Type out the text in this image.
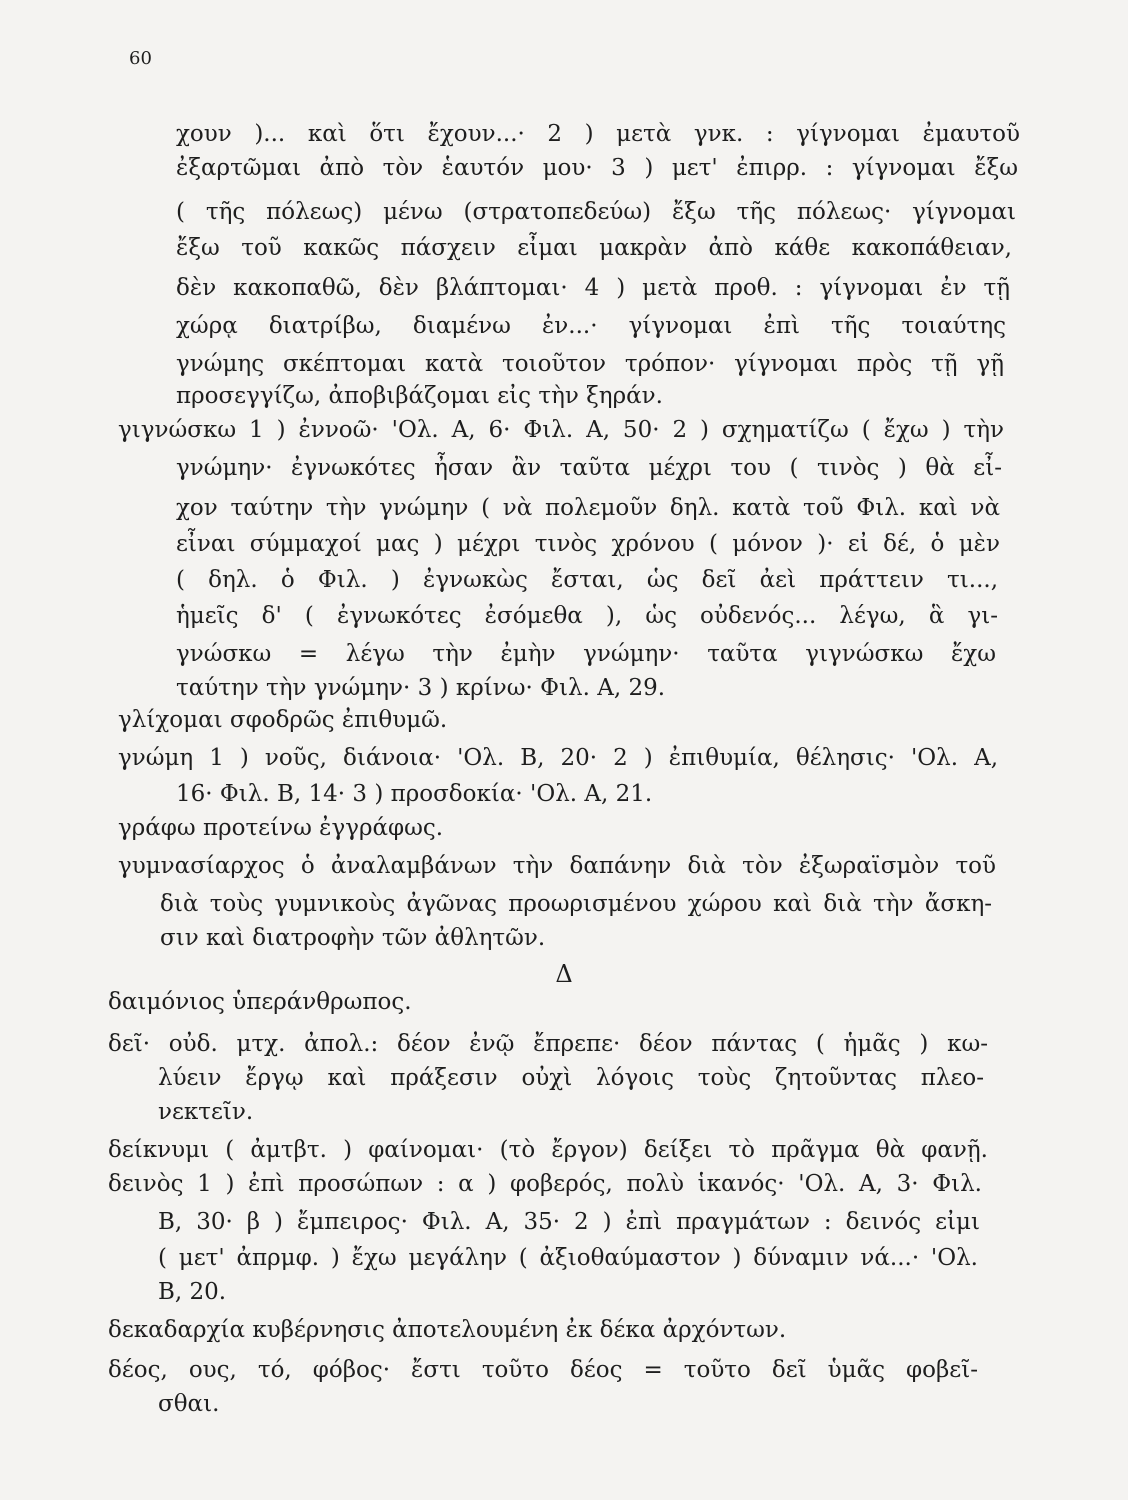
60
χουν )... καὶ ὅτι ἔχουν...· 2 ) μετὰ γνκ. : γίγνομαι ἐμαυτοῦ
ἐξαρτῶμαι ἀπὸ τὸν ἑαυτόν μου· 3 ) μετ' ἐπιρρ. : γίγνομαι ἔξω
( τῆς πόλεως) μένω (στρατοπεδεύω) ἔξω τῆς πόλεως· γίγνομαι
ἔξω τοῦ κακῶς πάσχειν εἶμαι μακρὰν ἀπὸ κάθε κακοπάθειαν,
δὲν κακοπαθῶ, δὲν βλάπτομαι· 4 ) μετὰ προθ. : γίγνομαι ἐν τῇ
χώρᾳ διατρίβω, διαμένω ἐν...· γίγνομαι ἐπὶ τῆς τοιαύτης
γνώμης σκέπτομαι κατὰ τοιοῦτον τρόπον· γίγνομαι πρὸς τῇ γῇ
προσεγγίζω, ἀποβιβάζομαι εἰς τὴν ξηράν.
γιγνώσκω 1 ) ἐννοῶ· 'Ολ. Α, 6· Φιλ. Α, 50· 2 ) σχηματίζω ( ἔχω ) τὴν
γνώμην· ἐγνωκότες ἦσαν ἂν ταῦτα μέχρι του ( τινὸς ) θὰ εἶ-
χον ταύτην τὴν γνώμην ( νὰ πολεμοῦν δηλ. κατὰ τοῦ Φιλ. καὶ νὰ
εἶναι σύμμαχοί μας ) μέχρι τινὸς χρόνου ( μόνον )· εἰ δέ, ὁ μὲν
( δηλ. ὁ Φιλ. ) ἐγνωκὼς ἔσται, ὡς δεῖ ἀεὶ πράττειν τι...,
ἡμεῖς δ' ( ἐγνωκότες ἐσόμεθα ), ὡς οὐδενός... λέγω, ἃ γι-
γνώσκω = λέγω τὴν ἐμὴν γνώμην· ταῦτα γιγνώσκω ἔχω
ταύτην τὴν γνώμην· 3 ) κρίνω· Φιλ. Α, 29.
γλίχομαι σφοδρῶς ἐπιθυμῶ.
γνώμη 1 ) νοῦς, διάνοια· 'Ολ. Β, 20· 2 ) ἐπιθυμία, θέλησις· 'Ολ. Α,
16· Φιλ. Β, 14· 3 ) προσδοκία· 'Ολ. Α, 21.
γράφω προτείνω ἐγγράφως.
γυμνασίαρχος ὁ ἀναλαμβάνων τὴν δαπάνην διὰ τὸν ἐξωραϊσμὸν τοῦ
διὰ τοὺς γυμνικοὺς ἀγῶνας προωρισμένου χώρου καὶ διὰ τὴν ἄσκη-
σιν καὶ διατροφὴν τῶν ἀθλητῶν.
Δ
δαιμόνιος ὑπεράνθρωπος.
δεῖ· οὐδ. μτχ. ἀπολ.: δέον ἐνῷ ἔπρεπε· δέον πάντας ( ἡμᾶς ) κω-
λύειν ἔργῳ καὶ πράξεσιν οὐχὶ λόγοις τοὺς ζητοῦντας πλεο-
νεκτεῖν.
δείκνυμι ( ἀμτβτ. ) φαίνομαι· (τὸ ἔργον) δείξει τὸ πρᾶγμα θὰ φανῇ.
δεινὸς 1 ) ἐπὶ προσώπων : α ) φοβερός, πολὺ ἱκανός· 'Ολ. Α, 3· Φιλ.
Β, 30· β ) ἔμπειρος· Φιλ. Α, 35· 2 ) ἐπὶ πραγμάτων : δεινός εἰμι
( μετ' ἀπρμφ. ) ἔχω μεγάλην ( ἀξιοθαύμαστον ) δύναμιν νά...· 'Ολ.
Β, 20.
δεκαδαρχία κυβέρνησις ἀποτελουμένη ἐκ δέκα ἀρχόντων.
δέος, ους, τό, φόβος· ἔστι τοῦτο δέος = τοῦτο δεῖ ὑμᾶς φοβεῖ-
σθαι.
